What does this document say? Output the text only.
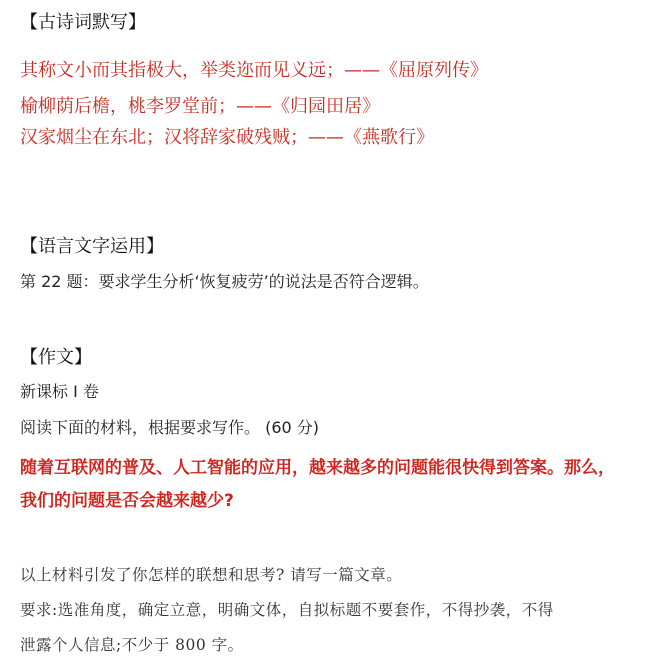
【古诗词默写】
其称文小而其指极大，举类迩而见义远；——《屈原列传》
榆柳荫后檐，桃李罗堂前；——《归园田居》
汉家烟尘在东北；汉将辞家破残贼；——《燕歌行》
【语言文字运用】
第 22 题：要求学生分析‘恢复疲劳’的说法是否符合逻辑。
【作文】
新课标 I 卷
阅读下面的材料，根据要求写作。 (60 分)
随着互联网的普及、人工智能的应用，越来越多的问题能很快得到答案。那么，
我们的问题是否会越来越少?
以上材料引发了你怎样的联想和思考? 请写一篇文章。
要求:选准角度，确定立意，明确文体，自拟标题不要套作，不得抄袭，不得
泄露个人信息;不少于 800 字。
